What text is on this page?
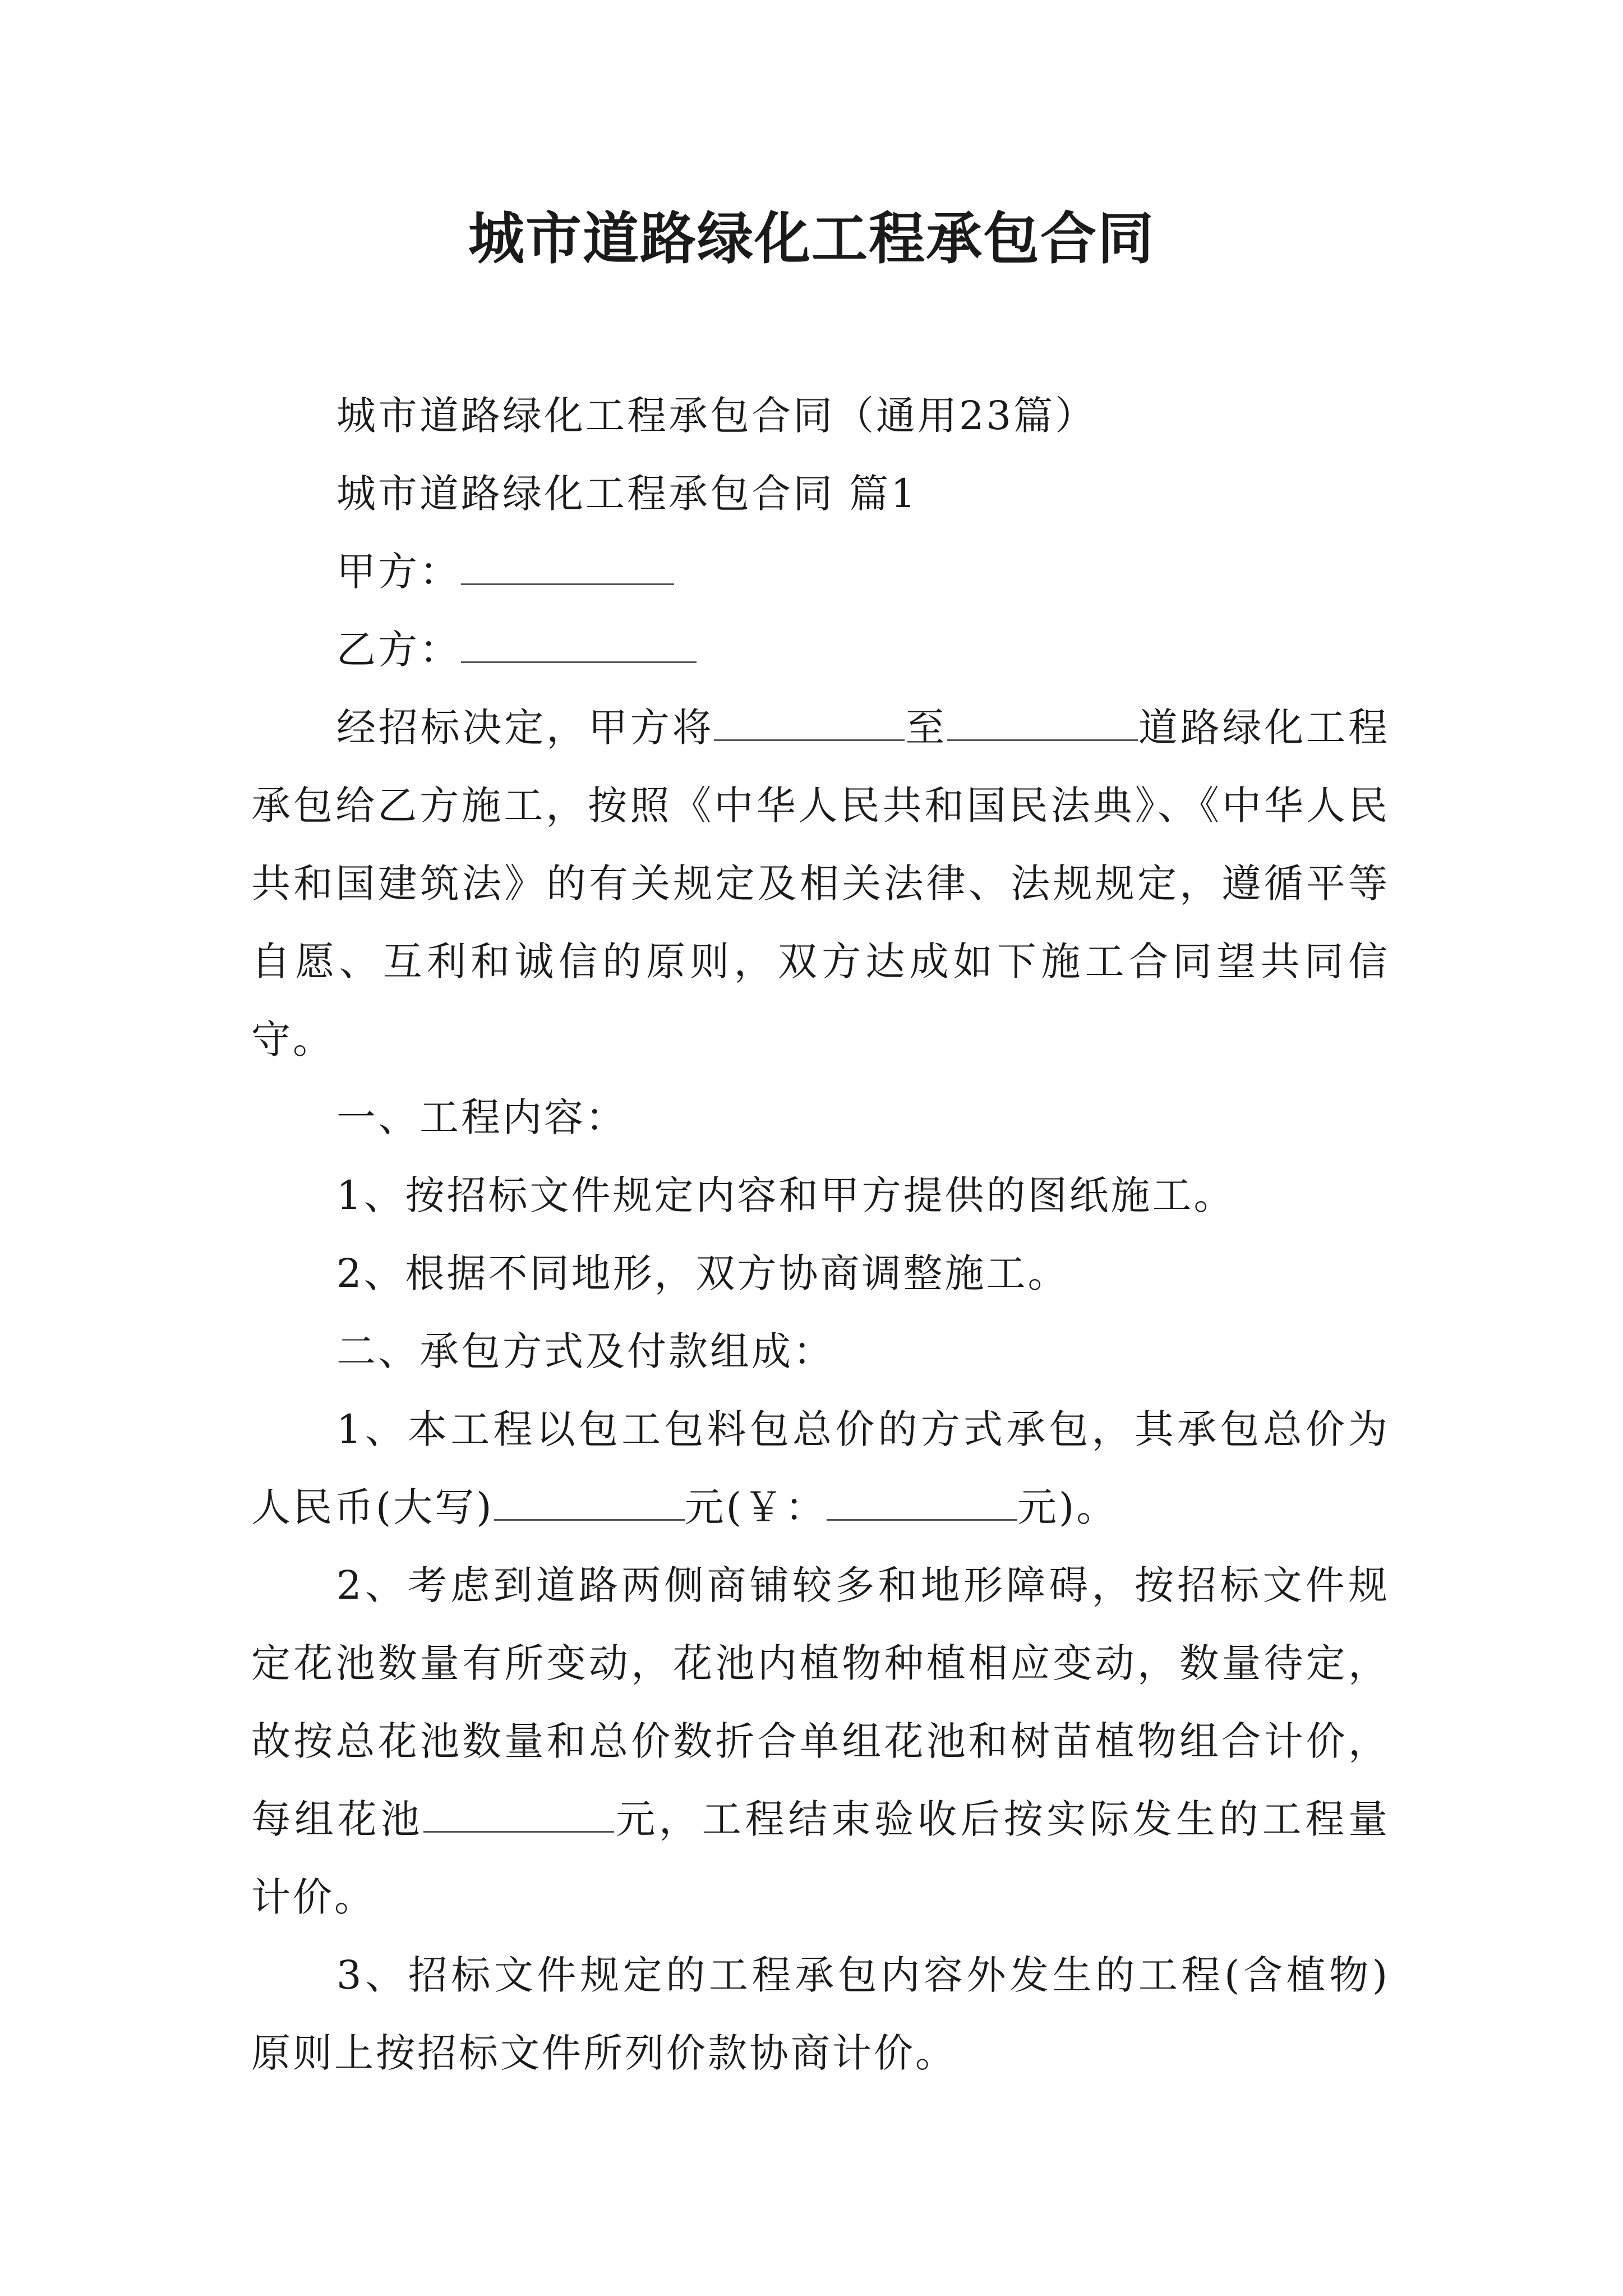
城市道路绿化工程承包合同

城市道路绿化工程承包合同（通用23篇）

城市道路绿化工程承包合同 篇1

甲方：

乙方：

经招标决定，甲方将	至	道路绿化工程承包给乙方施工，按照《中华人民共和国民法典》、《中华人民共和国建筑法》的有关规定及相关法律、法规规定，遵循平等自愿、互利和诚信的原则，双方达成如下施工合同望共同信守。

一、工程内容：

1、按招标文件规定内容和甲方提供的图纸施工。

2、根据不同地形，双方协商调整施工。

二、承包方式及付款组成：

1、本工程以包工包料包总价的方式承包，其承包总价为人民币(大写)	元(￥：	元)。

2、考虑到道路两侧商铺较多和地形障碍，按招标文件规定花池数量有所变动，花池内植物种植相应变动，数量待定，故按总花池数量和总价数折合单组花池和树苗植物组合计价，每组花池	元，工程结束验收后按实际发生的工程量计价。

3、招标文件规定的工程承包内容外发生的工程(含植物)原则上按招标文件所列价款协商计价。
